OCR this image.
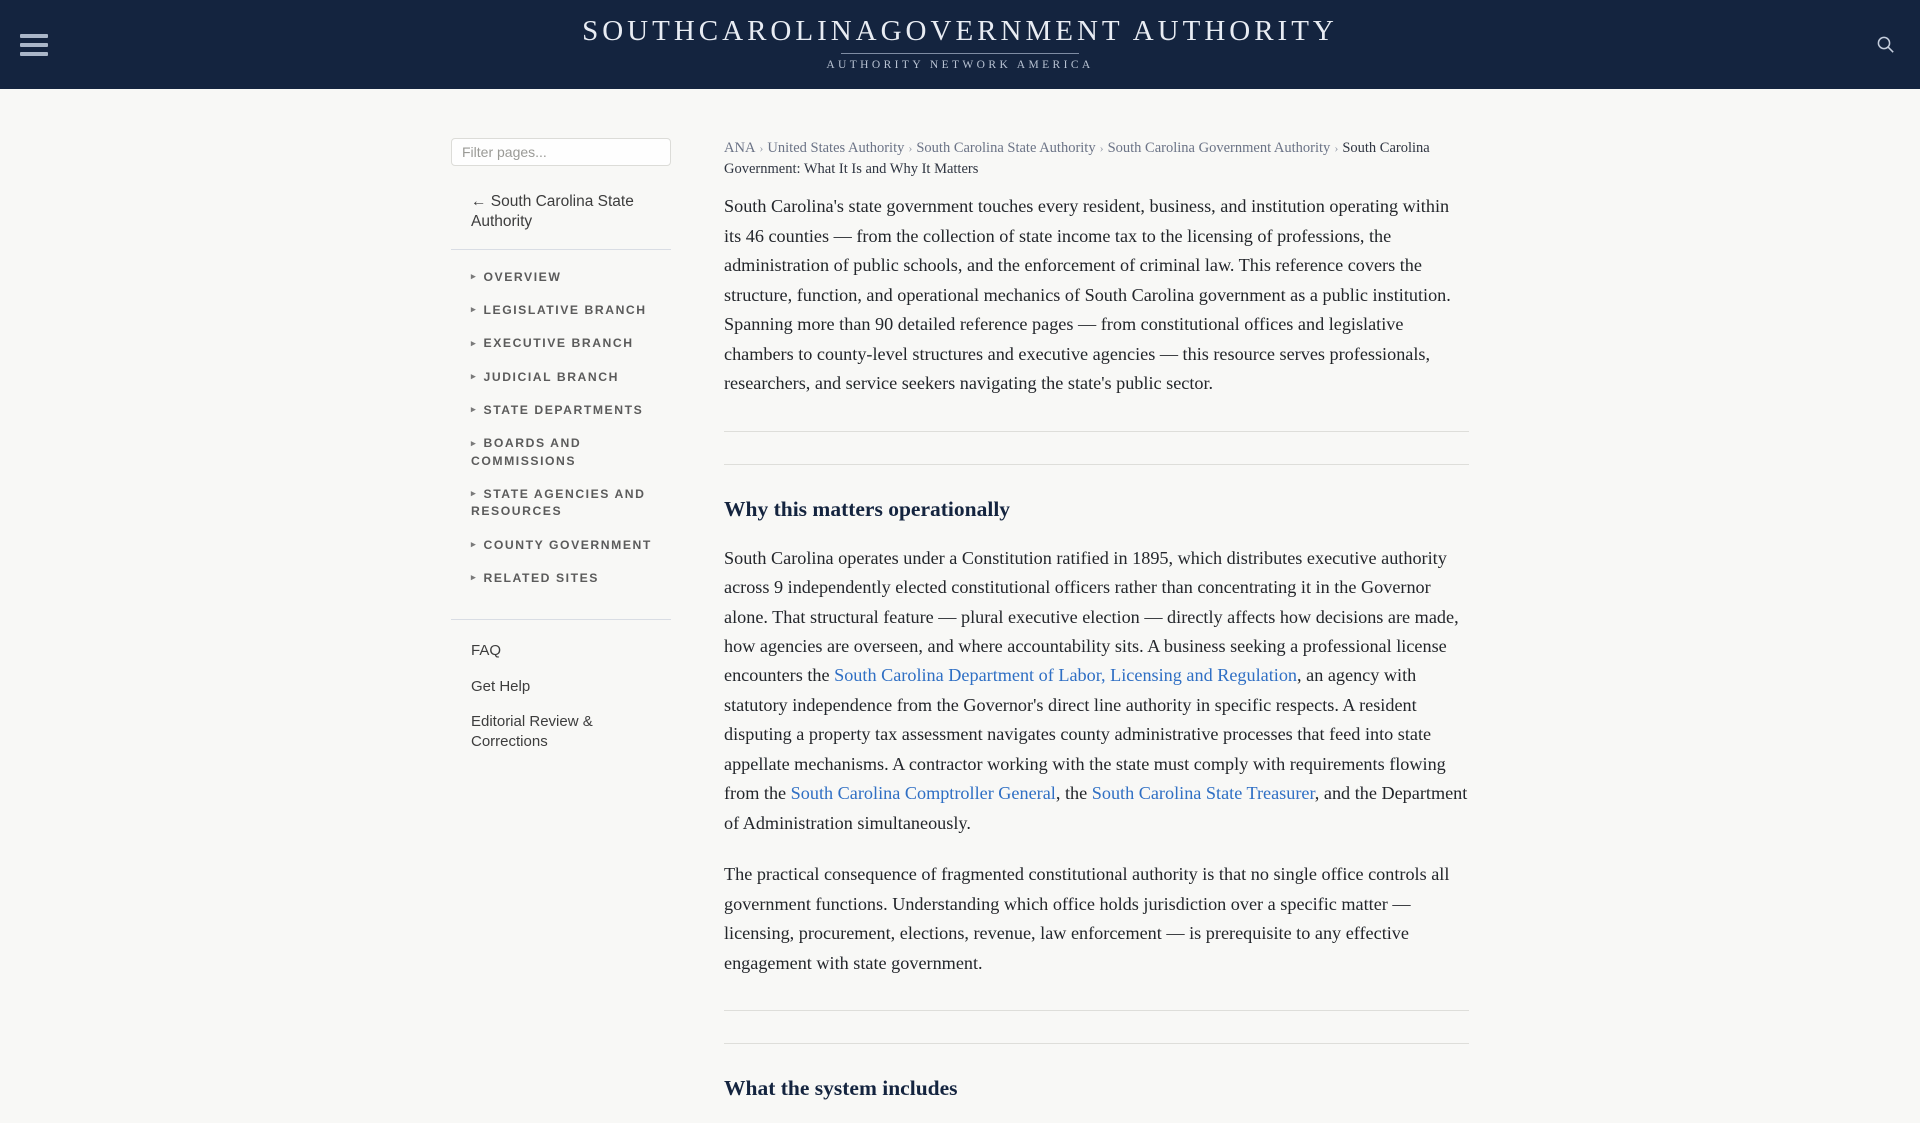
SOUTHCAROLINAGOVERNMENT AUTHORITY
AUTHORITY NETWORK AMERICA
Filter pages...
← South Carolina State Authority
▸ OVERVIEW
▸ LEGISLATIVE BRANCH
▸ EXECUTIVE BRANCH
▸ JUDICIAL BRANCH
▸ STATE DEPARTMENTS
▸ BOARDS AND COMMISSIONS
▸ STATE AGENCIES AND RESOURCES
▸ COUNTY GOVERNMENT
▸ RELATED SITES
FAQ
Get Help
Editorial Review & Corrections
ANA › United States Authority › South Carolina State Authority › South Carolina Government Authority › South Carolina Government: What It Is and Why It Matters

South Carolina's state government touches every resident, business, and institution operating within its 46 counties — from the collection of state income tax to the licensing of professions, the administration of public schools, and the enforcement of criminal law. This reference covers the structure, function, and operational mechanics of South Carolina government as a public institution. Spanning more than 90 detailed reference pages — from constitutional offices and legislative chambers to county-level structures and executive agencies — this resource serves professionals, researchers, and service seekers navigating the state's public sector.

Why this matters operationally

South Carolina operates under a Constitution ratified in 1895, which distributes executive authority across 9 independently elected constitutional officers rather than concentrating it in the Governor alone. That structural feature — plural executive election — directly affects how decisions are made, how agencies are overseen, and where accountability sits. A business seeking a professional license encounters the South Carolina Department of Labor, Licensing and Regulation, an agency with statutory independence from the Governor's direct line authority in specific respects. A resident disputing a property tax assessment navigates county administrative processes that feed into state appellate mechanisms. A contractor working with the state must comply with requirements flowing from the South Carolina Comptroller General, the South Carolina State Treasurer, and the Department of Administration simultaneously.

The practical consequence of fragmented constitutional authority is that no single office controls all government functions. Understanding which office holds jurisdiction over a specific matter — licensing, procurement, elections, revenue, law enforcement — is prerequisite to any effective engagement with state government.

What the system includes
